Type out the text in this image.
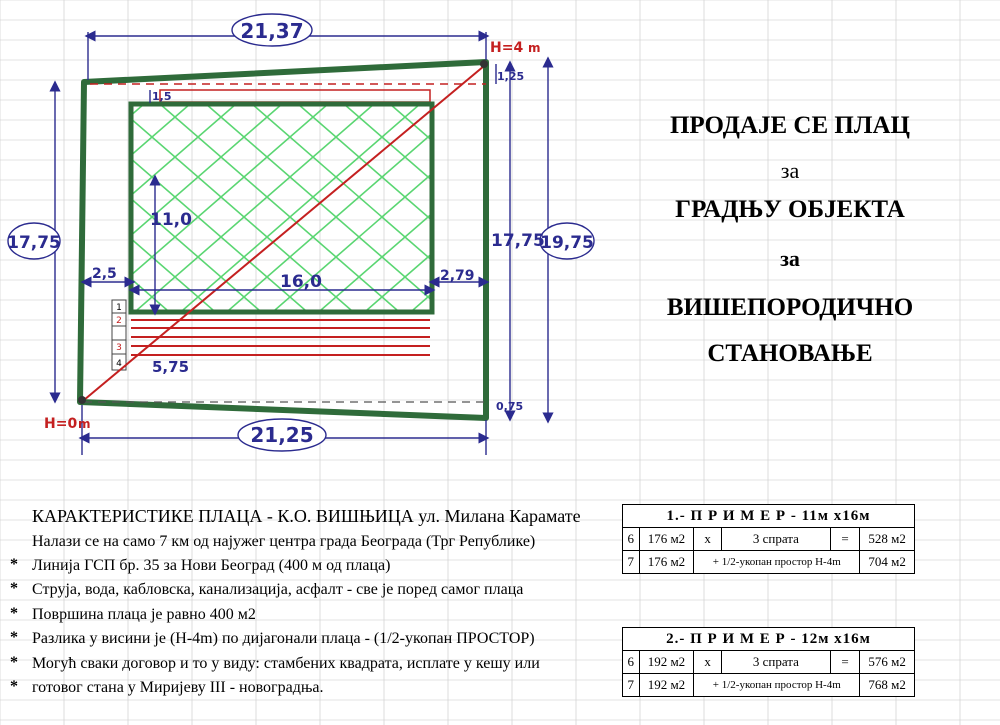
1
2
3
4
21,37
H=4 m
1,25
1,5
17,75
11,0
16,0
2,5	2,79
17,75
19,75
5,75
21,25
H=0 m
0,75
ПРОДАЈЕ СЕ ПЛАЦ
за
ГРАДЊУ ОБЈЕКТА
за
ВИШЕПОРОДИЧНО
СТАНОВАЊЕ
КАРАКТЕРИСТИКЕ ПЛАЦА - К.О. ВИШЊИЦА ул. Милана Карамате
Налази се на само 7 км од најужег центра града Београда (Трг Републике)
* Линија ГСП бр. 35 за Нови Београд (400 м од плаца)
* Струја, вода, кабловска, канализација, асфалт - све је поред самог плаца
* Површина плаца је равно 400 м2
* Разлика у висини је (Н-4m) по дијагонали плаца - (1/2-укопан ПРОСТОР)
* Могућ сваки договор и то у виду: стамбених квадрата, исплате у кешу или
* готовог стана у Миријеву III - новоградња.
1.- П Р И М Е Р - 11м х16м					
6	176 м2	х	3 спрата	=	528 м2
7	176 м2	+ 1/2-укопан простор Н-4m			704 м2
2.- П Р И М Е Р - 12м х16м					
6	192 м2	х	3 спрата	=	576 м2
7	192 м2	+ 1/2-укопан простор Н-4m			768 м2
